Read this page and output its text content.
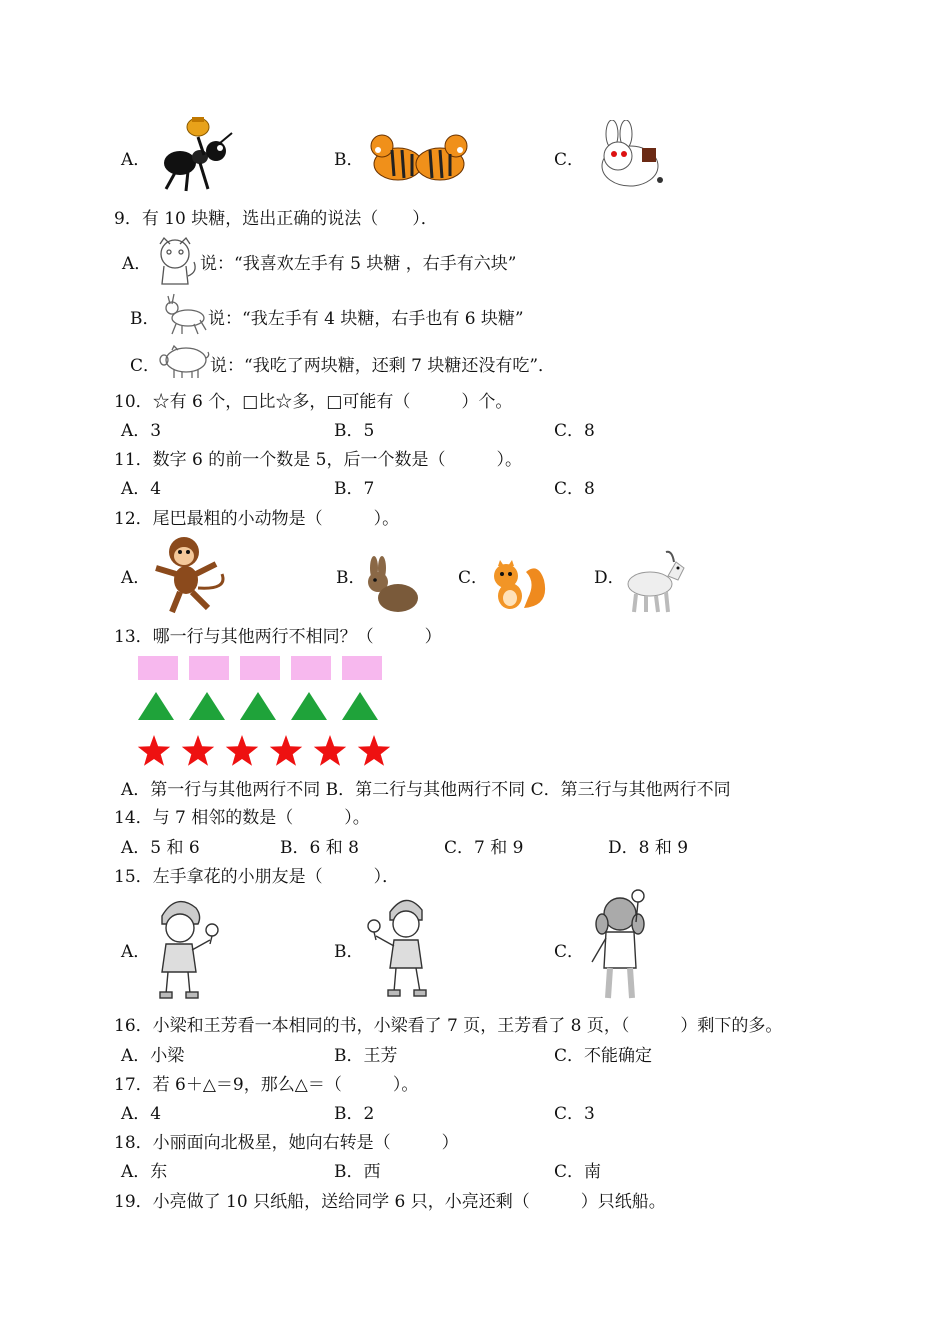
A．	B．	C．
9．有 10 块糖，选出正确的说法（　　）．
A．	说：“我喜欢左手有 5 块糖 ，右手有六块”
B．	说：“我左手有 4 块糖，右手也有 6 块糖”
C．	说：“我吃了两块糖，还剩 7 块糖还没有吃”．
10．☆有 6 个，□比☆多，□可能有（　　　）个。
A．3	B．5	C．8
11．数字 6 的前一个数是 5，后一个数是（　　　）。
A．4	B．7	C．8
12．尾巴最粗的小动物是（　　　）。
A．	B．	C．	D．
13．哪一行与其他两行不相同？（　　　）
A．第一行与其他两行不同 B．第二行与其他两行不同 C．第三行与其他两行不同
14．与 7 相邻的数是（　　　）。
A．5 和 6	B．6 和 8	C．7 和 9	D．8 和 9
15．左手拿花的小朋友是（　　　）．
A．	B．	C．
16．小梁和王芳看一本相同的书，小梁看了 7 页，王芳看了 8 页，（　　　）剩下的多。
A．小梁	B．王芳	C．不能确定
17．若 6＋△＝9，那么△＝（　　　）。
A．4	B．2	C．3
18．小丽面向北极星，她向右转是（　　　）
A．东	B．西	C．南
19．小亮做了 10 只纸船，送给同学 6 只，小亮还剩（　　　）只纸船。
